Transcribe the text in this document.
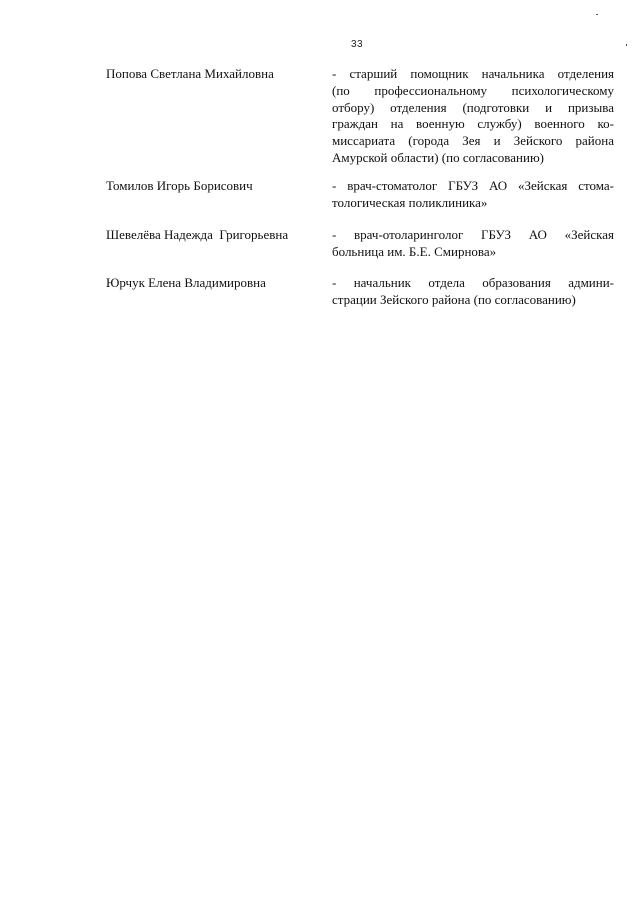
33
Попова Светлана Михайловна	- старший помощник начальника отделения
(по профессиональному психологическому
отбору) отделения (подготовки и призыва
граждан на военную службу) военного ко-
миссариата (города Зея и Зейского района
Амурской области) (по согласованию)
Томилов Игорь Борисович	- врач-стоматолог ГБУЗ АО «Зейская стома-
тологическая поликлиника»
Шевелёва Надежда  Григорьевна	- врач-отоларинголог ГБУЗ АО «Зейская
больница им. Б.Е. Смирнова»
Юрчук Елена Владимировна	- начальник отдела образования админи-
страции Зейского района (по согласованию)
